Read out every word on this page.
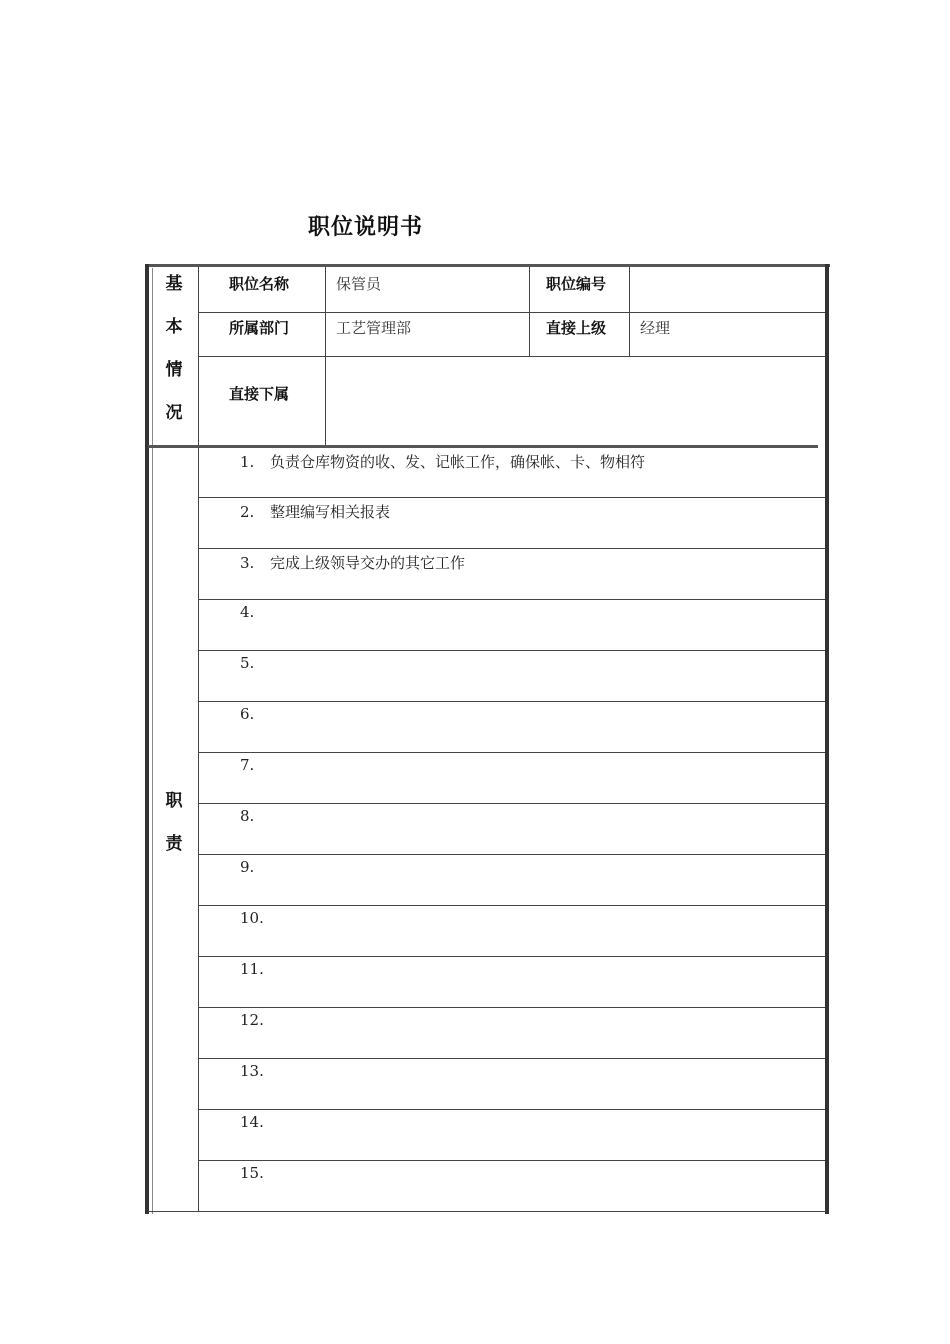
职位说明书
基
本
情
况
职位名称	保管员	职位编号
所属部门	工艺管理部	直接上级 经理
直接下属
职
责
1. 负责仓库物资的收、发、记帐工作，确保帐、卡、物相符
2. 整理编写相关报表
3. 完成上级领导交办的其它工作
4.
5.
6.
7.
8.
9.
10.
11.
12.
13.
14.
15.
